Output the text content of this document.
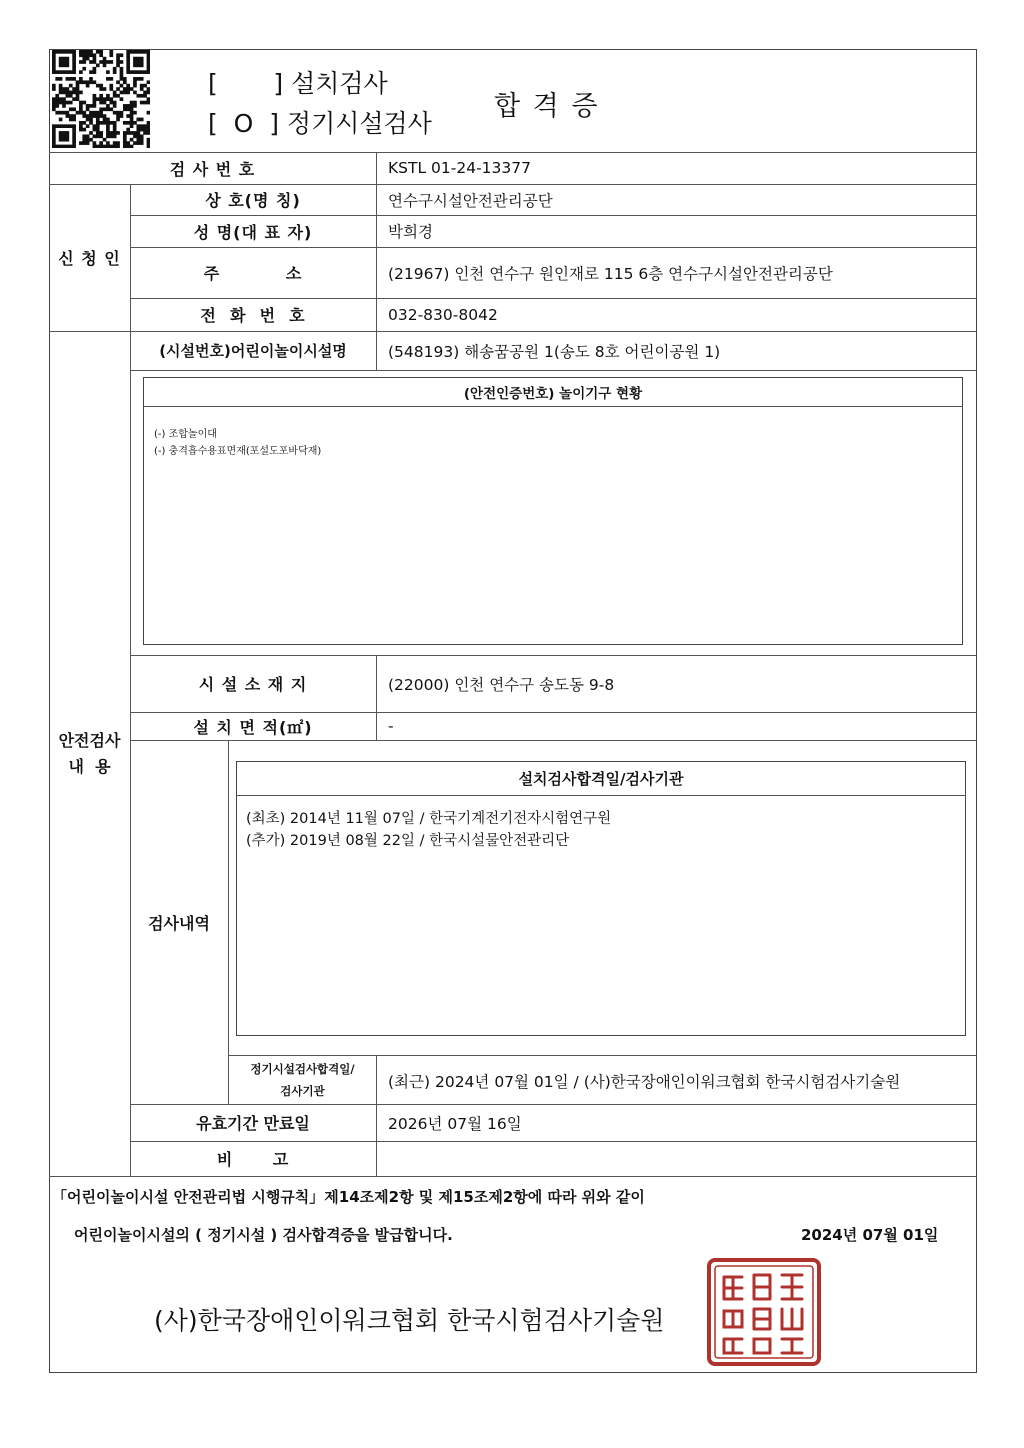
[       ] 설치검사
[  O  ] 정기시설검사
합 격 증
검 사 번 호	KSTL 01-24-13377
신 청 인
상 호(명 칭)	연수구시설안전관리공단
성 명(대 표 자)	박희경
주          소	(21967) 인천 연수구 원인재로 115 6층 연수구시설안전관리공단
전  화  번  호	032-830-8042
안전검사
내  용
(시설번호)어린이놀이시설명	(548193) 해송꿈공원 1(송도 8호 어린이공원 1)
(안전인증번호) 놀이기구 현황
(-) 조합놀이대
(-) 충격흡수용표면재(포설도포바닥재)
시 설 소 재 지	(22000) 인천 연수구 송도동 9-8
설 치 면 적(㎡)	-
검사내역
설치검사합격일/검사기관
(최초) 2014년 11월 07일 / 한국기계전기전자시험연구원
(추가) 2019년 08월 22일 / 한국시설물안전관리단
정기시설검사합격일/
검사기관
(최근) 2024년 07월 01일 / (사)한국장애인이워크협회 한국시험검사기술원
유효기간 만료일	2026년 07월 16일
비      고
「어린이놀이시설 안전관리법 시행규칙」제14조제2항 및 제15조제2항에 따라 위와 같이
어린이놀이시설의 ( 정기시설 ) 검사합격증을 발급합니다.	2024년 07월 01일
(사)한국장애인이워크협회 한국시험검사기술원
